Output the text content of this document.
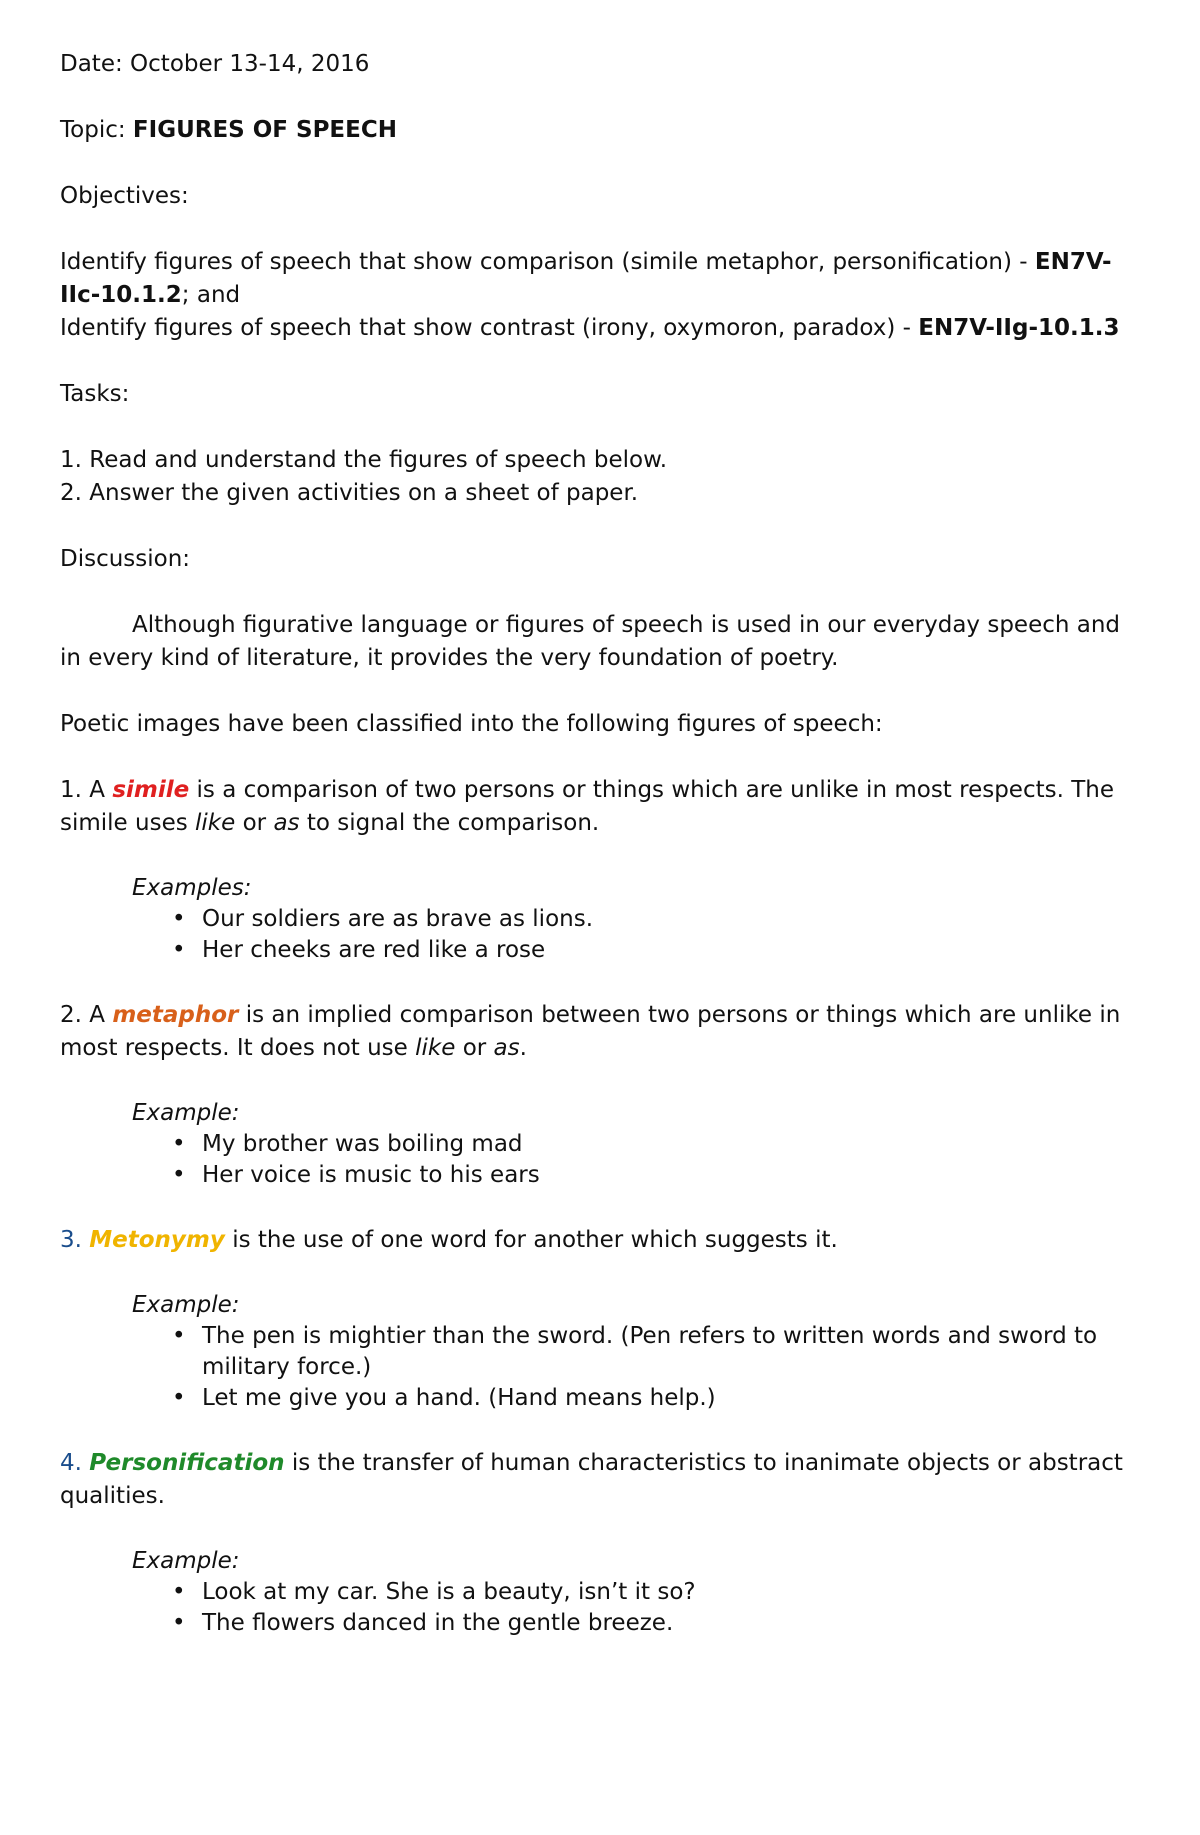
Date: October 13-14, 2016

Topic: FIGURES OF SPEECH

Objectives:

Identify figures of speech that show comparison (simile metaphor, personification) - EN7V-IIc-10.1.2; and

Identify figures of speech that show contrast (irony, oxymoron, paradox) - EN7V-IIg-10.1.3

Tasks:

1. Read and understand the figures of speech below.

2. Answer the given activities on a sheet of paper.

Discussion:

Although figurative language or figures of speech is used in our everyday speech and in every kind of literature, it provides the very foundation of poetry.

Poetic images have been classified into the following figures of speech:

1. A simile is a comparison of two persons or things which are unlike in most respects. The simile uses like or as to signal the comparison.

Examples:

• Our soldiers are as brave as lions.
• Her cheeks are red like a rose

2. A metaphor is an implied comparison between two persons or things which are unlike in most respects. It does not use like or as.

Example:

• My brother was boiling mad
• Her voice is music to his ears

3. Metonymy is the use of one word for another which suggests it.

Example:

• The pen is mightier than the sword. (Pen refers to written words and sword to military force.)
• Let me give you a hand. (Hand means help.)

4. Personification is the transfer of human characteristics to inanimate objects or abstract qualities.

Example:

• Look at my car. She is a beauty, isn’t it so?
• The flowers danced in the gentle breeze.
